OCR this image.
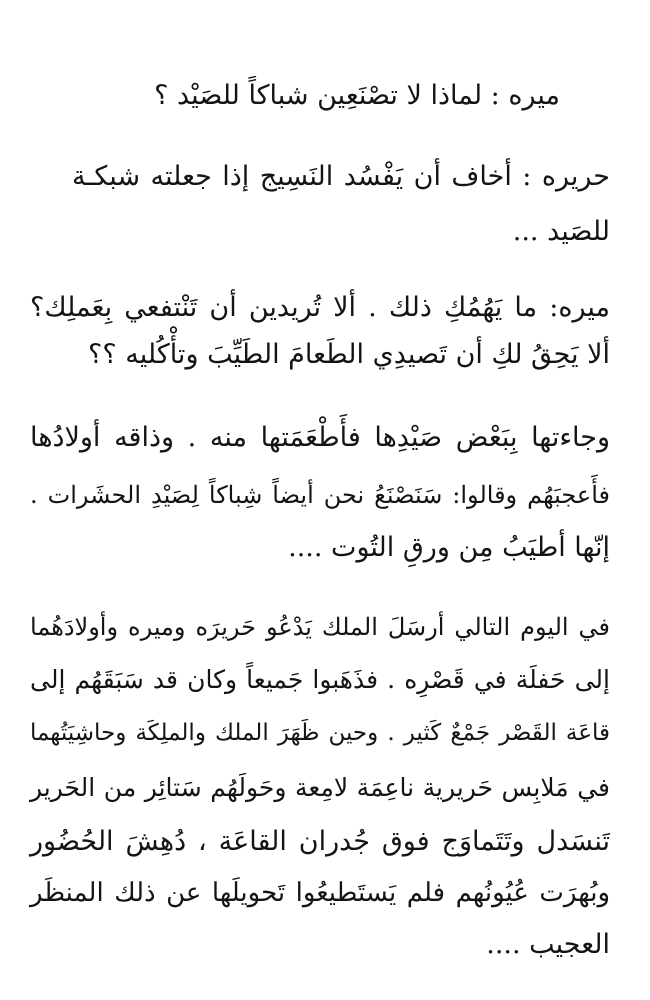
ميره : لماذا لا تصْنَعِين شباكاً للصَيْد ؟
حريره : أخاف أن يَفْسُد النَسِيج إذا جعلته شبكـة
للصَيد ...
ميره: ما يَهُمُكِ ذلك . ألا تُريدين أن تَنْتفعي بِعَملِك؟
ألا يَحِقُ لكِ أن تَصيدِي الطَعامَ الطَيِّبَ وتأْكُليه ؟؟
وجاءتها بِبَعْض صَيْدِها فأَطْعَمَتها منه . وذاقه أولادُها
فأَعجبَهُم وقالوا: سَنَصْنَعُ نحن أيضاً شِباكاً لِصَيْدِ الحشَرات .
إنّها أطيَبُ مِن ورقِ التُوت ....
في اليوم التالي أرسَلَ الملك يَدْعُو حَريرَه وميره وأولادَهُما
إلى حَفلَة في قَصْرِه . فذَهَبوا جَميعاً وكان قد سَبَقَهُم إلى
قاعَة القَصْر جَمْعٌ كَثير . وحين ظَهَرَ الملك والملِكَة وحاشِيَتُهما
في مَلابِس حَريرية ناعِمَة لامِعة وحَولَهُم سَتائِر من الحَرير
تَنسَدل وتَتَماوَج فوق جُدران القاعَة ، دُهِشَ الحُضُور
وبُهرَت عُيُونُهم فلم يَستَطيعُوا تَحويلَها عن ذلك المنظَر
العجيب ....
